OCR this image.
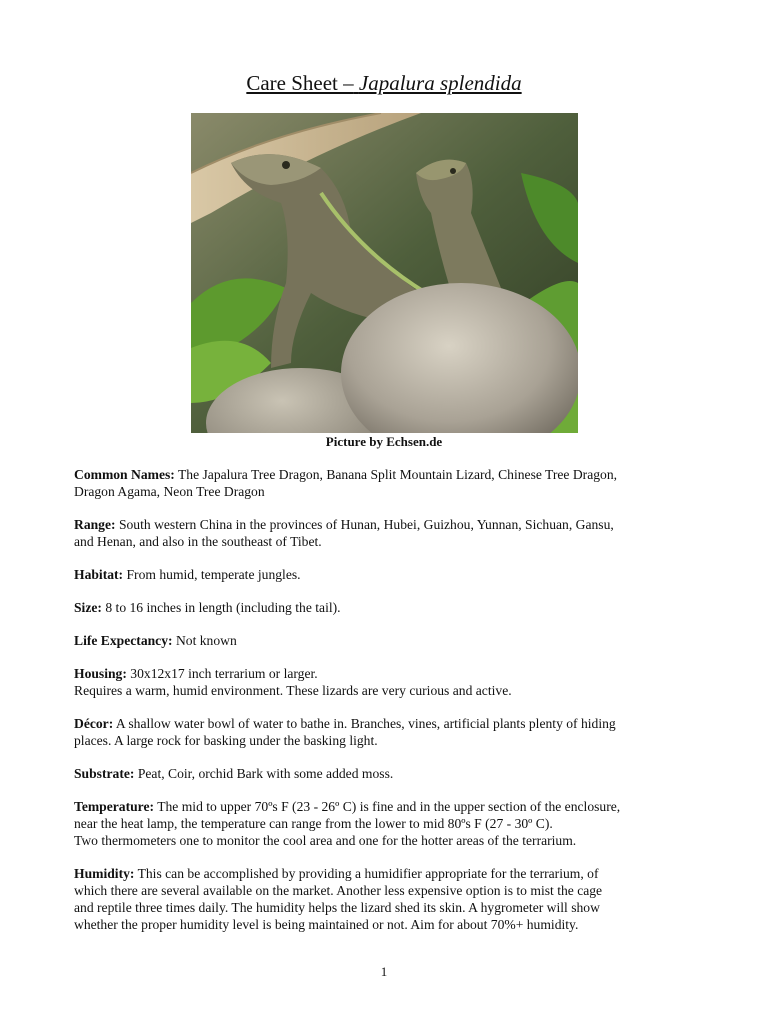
Care Sheet – Japalura splendida
Picture by Echsen.de
Common Names: The Japalura Tree Dragon, Banana Split Mountain Lizard, Chinese Tree Dragon,
Dragon Agama, Neon Tree Dragon
Range: South western China in the provinces of Hunan, Hubei, Guizhou, Yunnan, Sichuan, Gansu,
and Henan, and also in the southeast of Tibet.
Habitat: From humid, temperate jungles.
Size: 8 to 16 inches in length (including the tail).
Life Expectancy: Not known
Housing: 30x12x17 inch terrarium or larger.
Requires a warm, humid environment. These lizards are very curious and active.
Décor: A shallow water bowl of water to bathe in. Branches, vines, artificial plants plenty of hiding
places. A large rock for basking under the basking light.
Substrate: Peat, Coir, orchid Bark with some added moss.
Temperature: The mid to upper 70ºs F (23 - 26º C) is fine and in the upper section of the enclosure,
near the heat lamp, the temperature can range from the lower to mid 80ºs F (27 - 30º C).
Two thermometers one to monitor the cool area and one for the hotter areas of the terrarium.
Humidity: This can be accomplished by providing a humidifier appropriate for the terrarium, of
which there are several available on the market. Another less expensive option is to mist the cage
and reptile three times daily. The humidity helps the lizard shed its skin. A hygrometer will show
whether the proper humidity level is being maintained or not. Aim for about 70%+ humidity.
1
